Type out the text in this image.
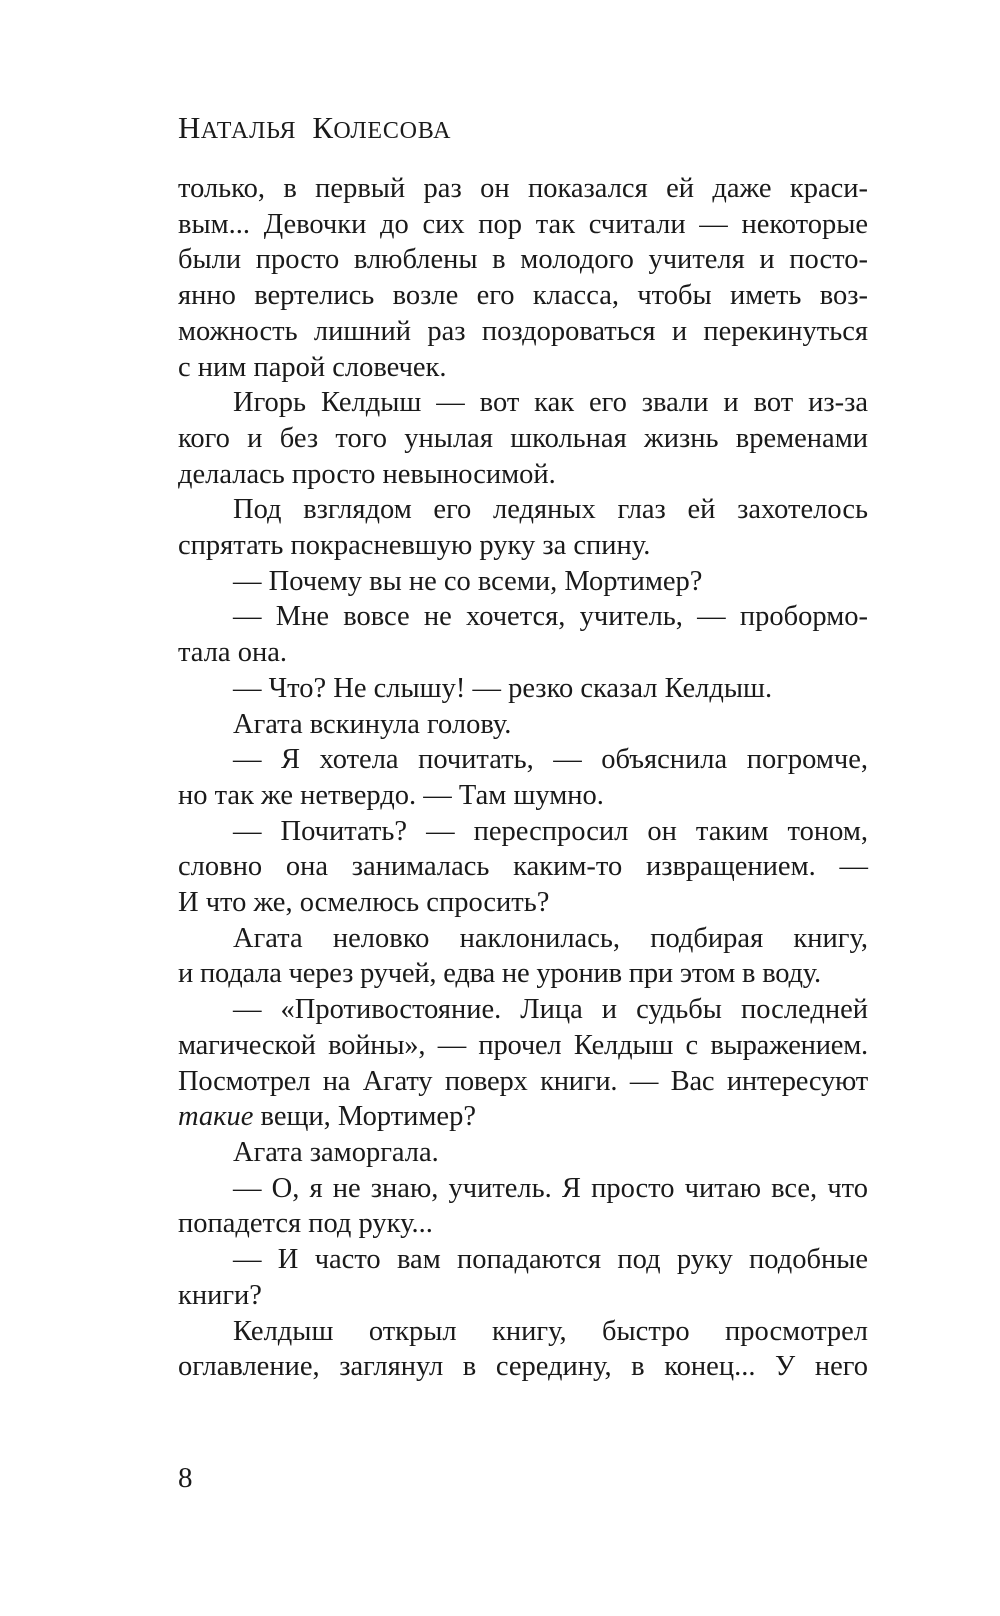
НАТАЛЬЯ КОЛЕСОВА

только, в первый раз он показался ей даже краси-
вым... Девочки до сих пор так считали — некоторые
были просто влюблены в молодого учителя и посто-
янно вертелись возле его класса, чтобы иметь воз-
можность лишний раз поздороваться и перекинуться
с ним парой словечек.

Игорь Келдыш — вот как его звали и вот из-за
кого и без того унылая школьная жизнь временами
делалась просто невыносимой.

Под взглядом его ледяных глаз ей захотелось
спрятать покрасневшую руку за спину.

— Почему вы не со всеми, Мортимер?

— Мне вовсе не хочется, учитель, — пробормо-
тала она.

— Что? Не слышу! — резко сказал Келдыш.

Агата вскинула голову.

— Я хотела почитать, — объяснила погромче,
но так же нетвердо. — Там шумно.

— Почитать? — переспросил он таким тоном,
словно она занималась каким-то извращением. —
И что же, осмелюсь спросить?

Агата неловко наклонилась, подбирая книгу,
и подала через ручей, едва не уронив при этом в воду.

— «Противостояние. Лица и судьбы последней
магической войны», — прочел Келдыш с выражением.
Посмотрел на Агату поверх книги. — Вас интересуют
такие вещи, Мортимер?

Агата заморгала.

— О, я не знаю, учитель. Я просто читаю все, что
попадется под руку...

— И часто вам попадаются под руку подобные
книги?

Келдыш открыл книгу, быстро просмотрел
оглавление, заглянул в середину, в конец... У него

8
